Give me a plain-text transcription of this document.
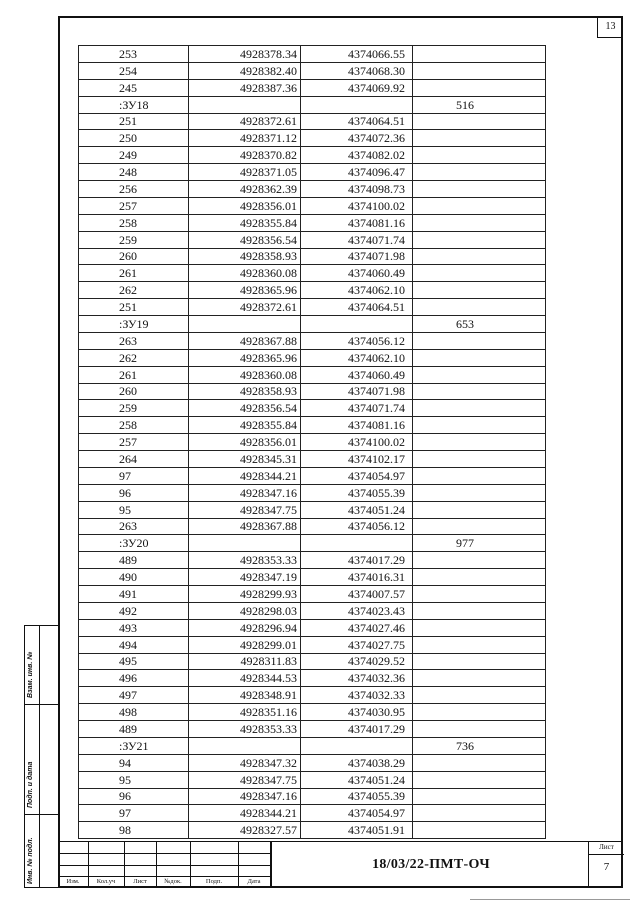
13
253	4928378.34	4374066.55	
254	4928382.40	4374068.30	
245	4928387.36	4374069.92	
:ЗУ18			516
251	4928372.61	4374064.51	
250	4928371.12	4374072.36	
249	4928370.82	4374082.02	
248	4928371.05	4374096.47	
256	4928362.39	4374098.73	
257	4928356.01	4374100.02	
258	4928355.84	4374081.16	
259	4928356.54	4374071.74	
260	4928358.93	4374071.98	
261	4928360.08	4374060.49	
262	4928365.96	4374062.10	
251	4928372.61	4374064.51	
:ЗУ19			653
263	4928367.88	4374056.12	
262	4928365.96	4374062.10	
261	4928360.08	4374060.49	
260	4928358.93	4374071.98	
259	4928356.54	4374071.74	
258	4928355.84	4374081.16	
257	4928356.01	4374100.02	
264	4928345.31	4374102.17	
97	4928344.21	4374054.97	
96	4928347.16	4374055.39	
95	4928347.75	4374051.24	
263	4928367.88	4374056.12	
:ЗУ20			977
489	4928353.33	4374017.29	
490	4928347.19	4374016.31	
491	4928299.93	4374007.57	
492	4928298.03	4374023.43	
493	4928296.94	4374027.46	
494	4928299.01	4374027.75	
495	4928311.83	4374029.52	
496	4928344.53	4374032.36	
497	4928348.91	4374032.33	
498	4928351.16	4374030.95	
489	4928353.33	4374017.29	
:ЗУ21			736
94	4928347.32	4374038.29	
95	4928347.75	4374051.24	
96	4928347.16	4374055.39	
97	4928344.21	4374054.97	
98	4928327.57	4374051.91	
Взам. инв. №
Подп. и дата
Инв. № подл.	Изм.	Кол.уч	Лист	№док.	Подп.	Дата
18/03/22-ПМТ-ОЧ
Лист
7
